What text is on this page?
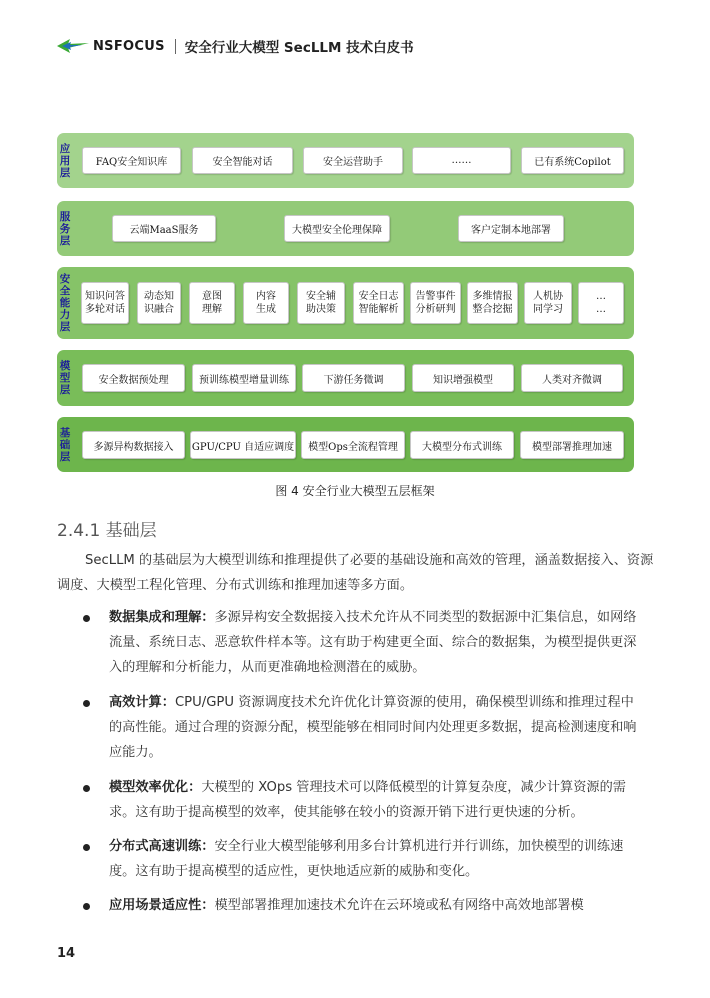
NSFOCUS 安全行业大模型 SecLLM 技术白皮书
应
用
层
FAQ安全知识库	安全智能对话	安全运营助手	……	已有系统Copilot
服
务
层
云端MaaS服务	大模型安全伦理保障	客户定制本地部署
安
全
能
力
层
知识问答
多轮对话
动态知
识融合
意图
理解
内容
生成
安全辅
助决策
安全日志
智能解析
告警事件
分析研判
多维情报
整合挖掘
人机协
同学习
…
…
模
型
层
安全数据预处理	预训练模型增量训练	下游任务微调	知识增强模型	人类对齐微调
基
础
层
多源异构数据接入	GPU/CPU 自适应调度	模型Ops全流程管理	大模型分布式训练	模型部署推理加速
图 4 安全行业大模型五层框架
2.4.1 基础层
SecLLM 的基础层为大模型训练和推理提供了必要的基础设施和高效的管理，涵盖数据接入、资源调度、大模型工程化管理、分布式训练和推理加速等多方面。
数据集成和理解：多源异构安全数据接入技术允许从不同类型的数据源中汇集信息，如网络流量、系统日志、恶意软件样本等。这有助于构建更全面、综合的数据集，为模型提供更深入的理解和分析能力，从而更准确地检测潜在的威胁。
高效计算：CPU/GPU 资源调度技术允许优化计算资源的使用，确保模型训练和推理过程中的高性能。通过合理的资源分配，模型能够在相同时间内处理更多数据，提高检测速度和响应能力。
模型效率优化：大模型的 XOps 管理技术可以降低模型的计算复杂度，减少计算资源的需求。这有助于提高模型的效率，使其能够在较小的资源开销下进行更快速的分析。
分布式高速训练：安全行业大模型能够利用多台计算机进行并行训练，加快模型的训练速度。这有助于提高模型的适应性，更快地适应新的威胁和变化。
应用场景适应性：模型部署推理加速技术允许在云环境或私有网络中高效地部署模
14
